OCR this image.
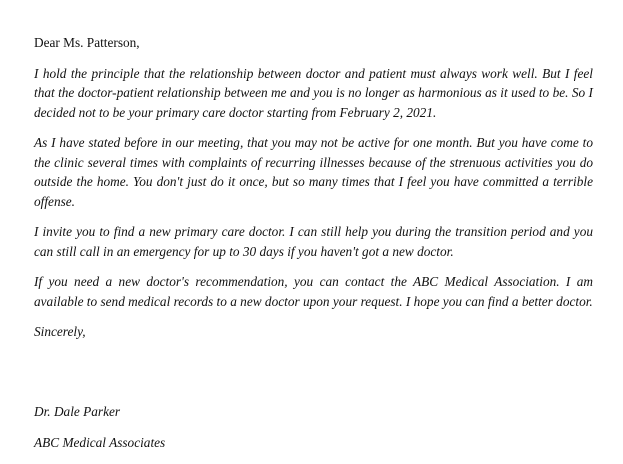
Dear Ms. Patterson,

I hold the principle that the relationship between doctor and patient must always work well. But I feel that the doctor-patient relationship between me and you is no longer as harmonious as it used to be. So I decided not to be your primary care doctor starting from February 2, 2021.

As I have stated before in our meeting, that you may not be active for one month. But you have come to the clinic several times with complaints of recurring illnesses because of the strenuous activities you do outside the home. You don't just do it once, but so many times that I feel you have committed a terrible offense.

I invite you to find a new primary care doctor. I can still help you during the transition period and you can still call in an emergency for up to 30 days if you haven't got a new doctor.

If you need a new doctor's recommendation, you can contact the ABC Medical Association. I am available to send medical records to a new doctor upon your request. I hope you can find a better doctor.

Sincerely,

Dr. Dale Parker

ABC Medical Associates
